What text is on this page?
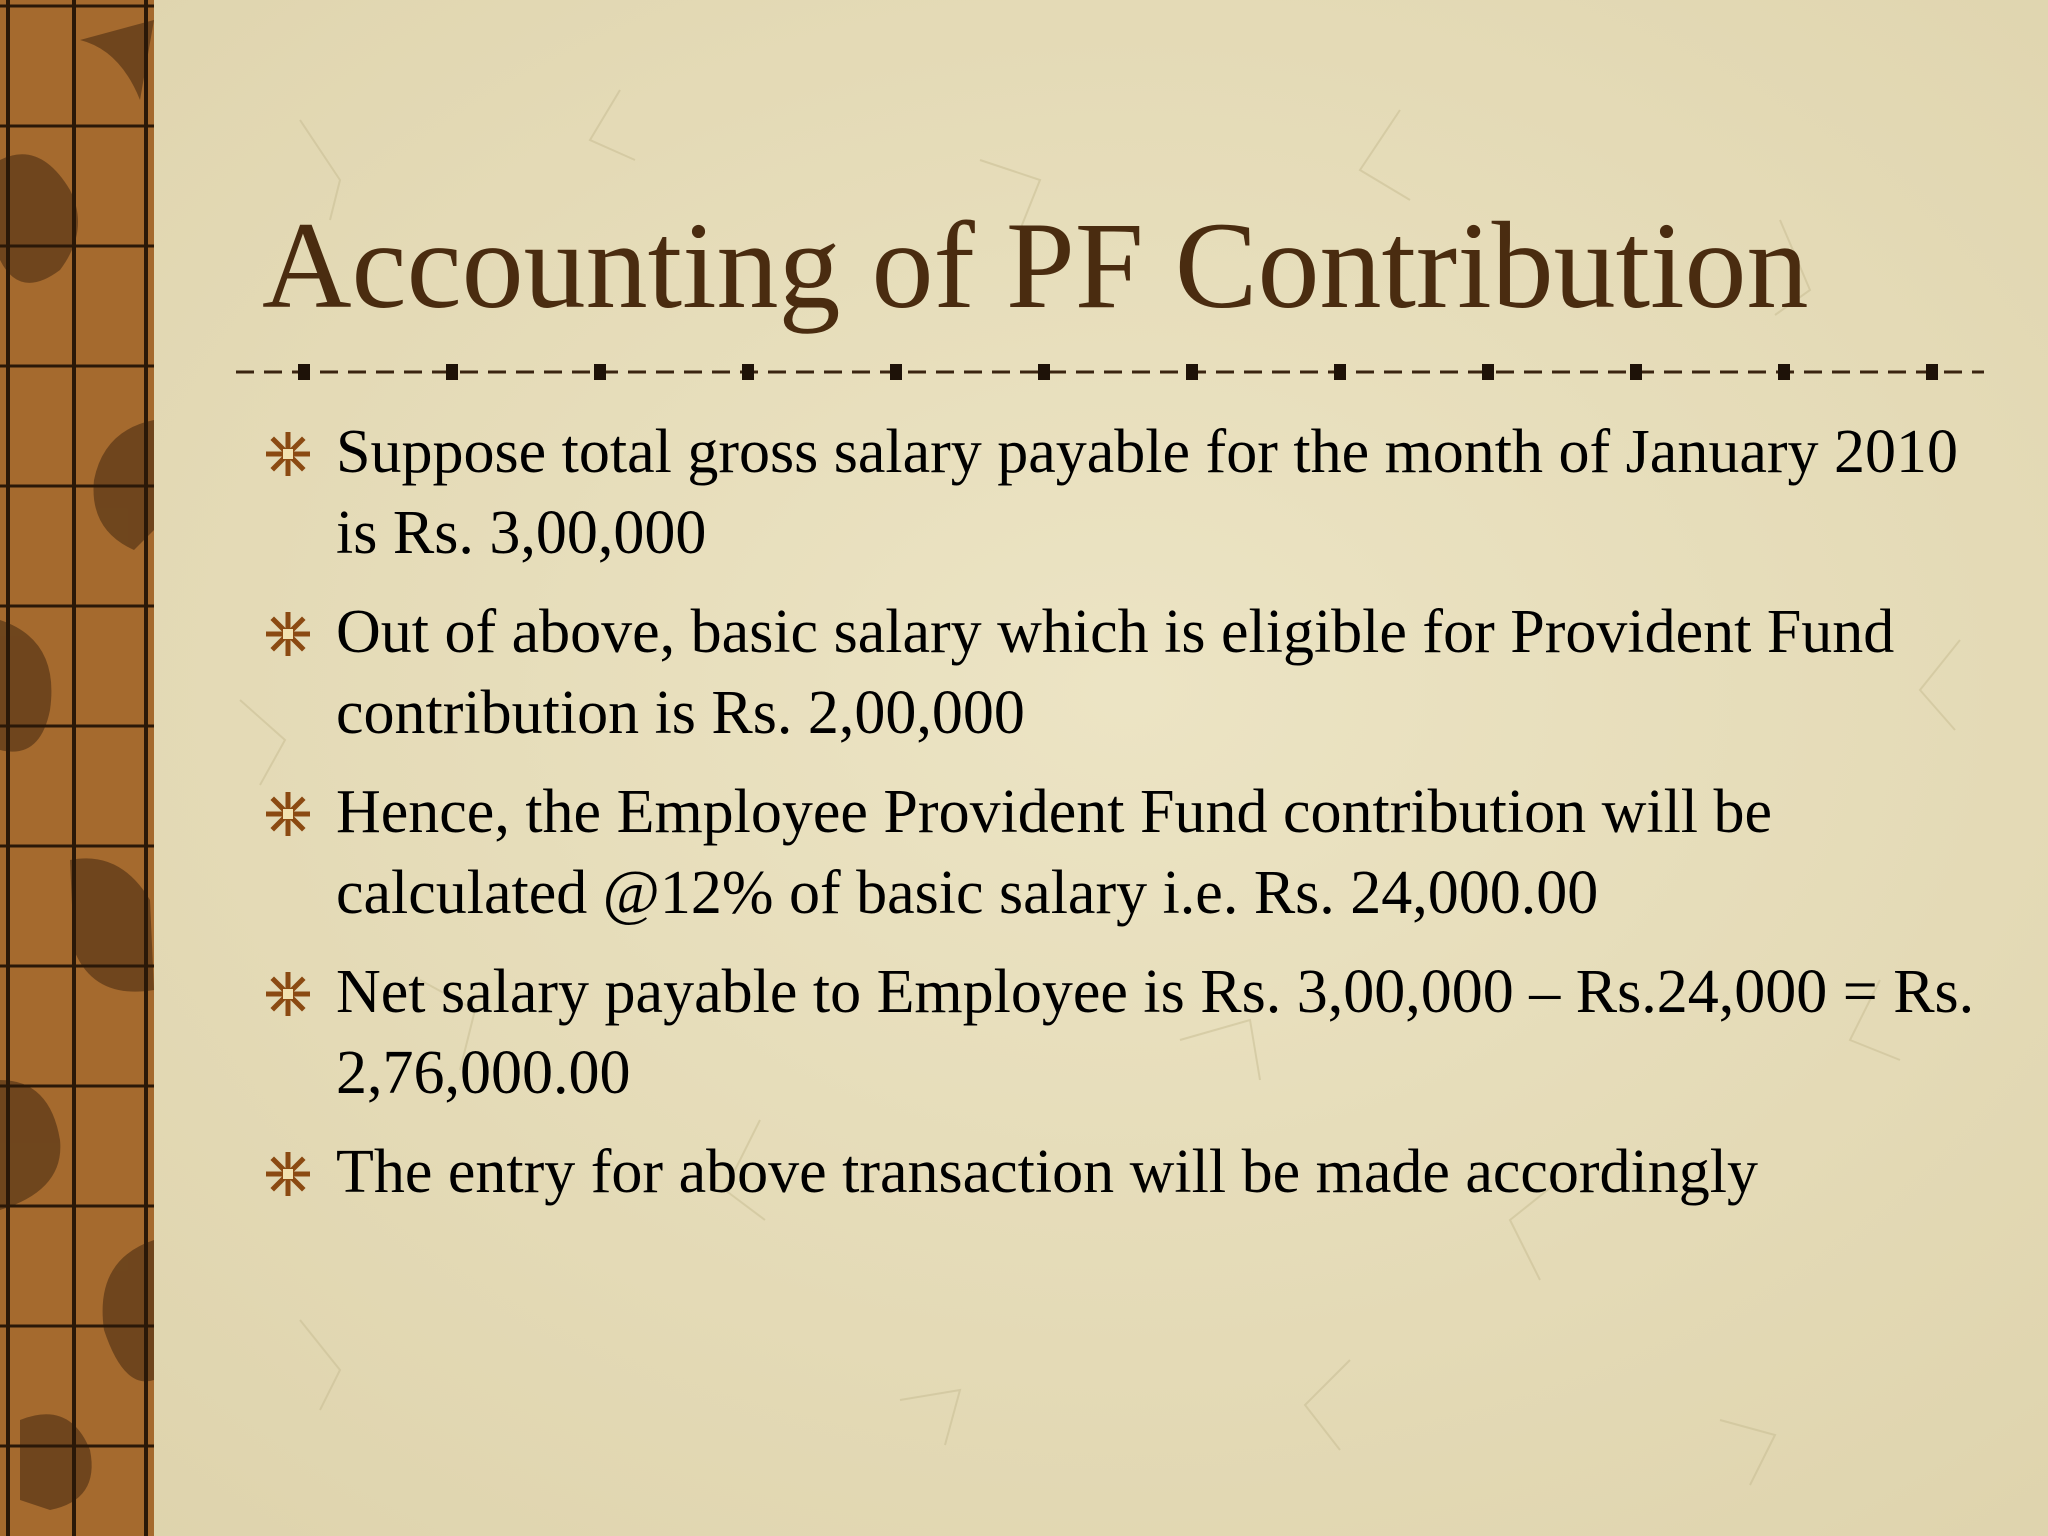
Accounting of PF Contribution
Suppose total gross salary payable for the month of January 2010 is Rs. 3,00,000
Out of above, basic salary which is eligible for Provident Fund contribution is Rs. 2,00,000
Hence, the Employee Provident Fund contribution will be calculated @12% of basic salary i.e. Rs. 24,000.00
Net salary payable to Employee is Rs. 3,00,000 – Rs.24,000 = Rs. 2,76,000.00
The entry for above transaction will be made accordingly
